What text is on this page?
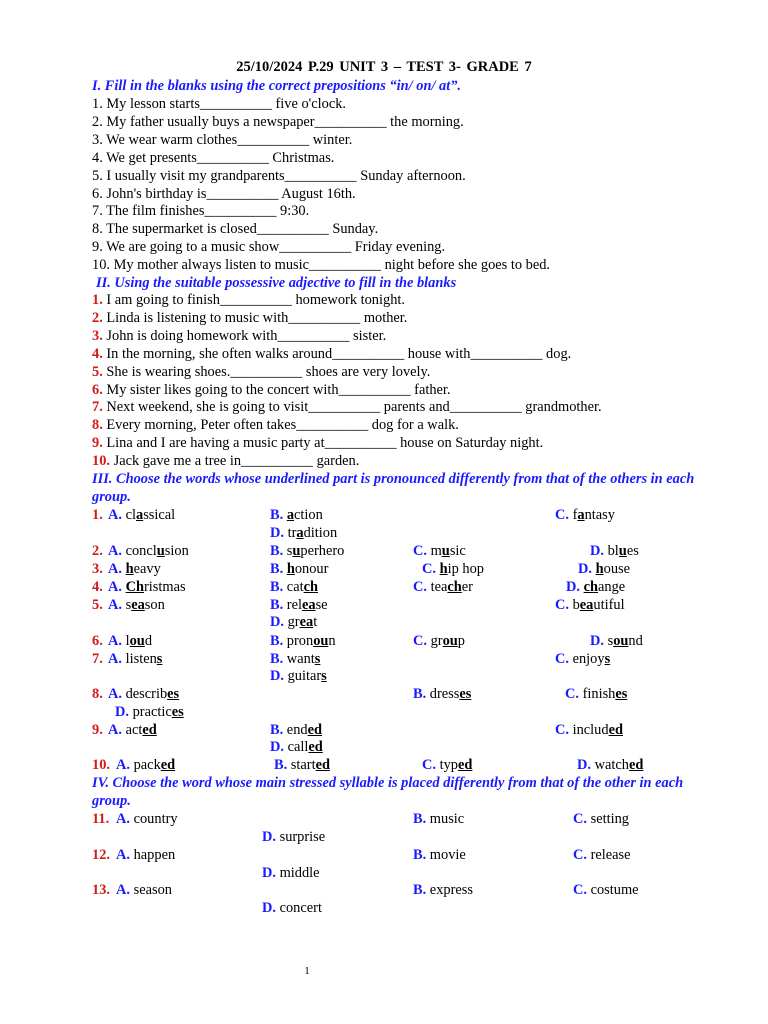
25/10/2024 P.29 UNIT 3 – TEST 3- GRADE 7
I. Fill in the blanks using the correct prepositions “in/ on/ at”.
1. My lesson starts__________ five o'clock.
2. My father usually buys a newspaper__________ the morning.
3. We wear warm clothes__________ winter.
4. We get presents__________ Christmas.
5. I usually visit my grandparents__________ Sunday afternoon.
6. John's birthday is__________ August 16th.
7. The film finishes__________ 9:30.
8. The supermarket is closed__________ Sunday.
9. We are going to a music show__________ Friday evening.
10. My mother always listen to music__________ night before she goes to bed.
II. Using the suitable possessive adjective to fill in the blanks
1. I am going to finish__________ homework tonight.
2. Linda is listening to music with__________ mother.
3. John is doing homework with__________ sister.
4. In the morning, she often walks around__________ house with__________ dog.
5. She is wearing shoes.__________ shoes are very lovely.
6. My sister likes going to the concert with__________ father.
7. Next weekend, she is going to visit__________ parents and__________ grandmother.
8. Every morning, Peter often takes__________ dog for a walk.
9. Lina and I are having a music party at__________ house on Saturday night.
10. Jack gave me a tree in__________ garden.
III. Choose the words whose underlined part is pronounced differently from that of the others in each group.
1. A. classical	B. action	C. fantasy
D. tradition
2. A. conclusion	B. superhero	C. music	D. blues
3. A. heavy	B. honour	C. hip hop	D. house
4. A. Christmas	B. catch	C. teacher	D. change
5. A. season	B. release	C. beautiful
D. great
6. A. loud	B. pronoun	C. group	D. sound
7. A. listens	B. wants	C. enjoys
D. guitars
8. A. describes	B. dresses	C. finishes
D. practices
9. A. acted	B. ended	C. included
D. called
10. A. packed	B. started	C. typed	D. watched
IV. Choose the word whose main stressed syllable is placed differently from that of the other in each group.
11. A. country	B. music	C. setting
D. surprise
12. A. happen	B. movie	C. release
D. middle
13. A. season	B. express	C. costume
D. concert
1
